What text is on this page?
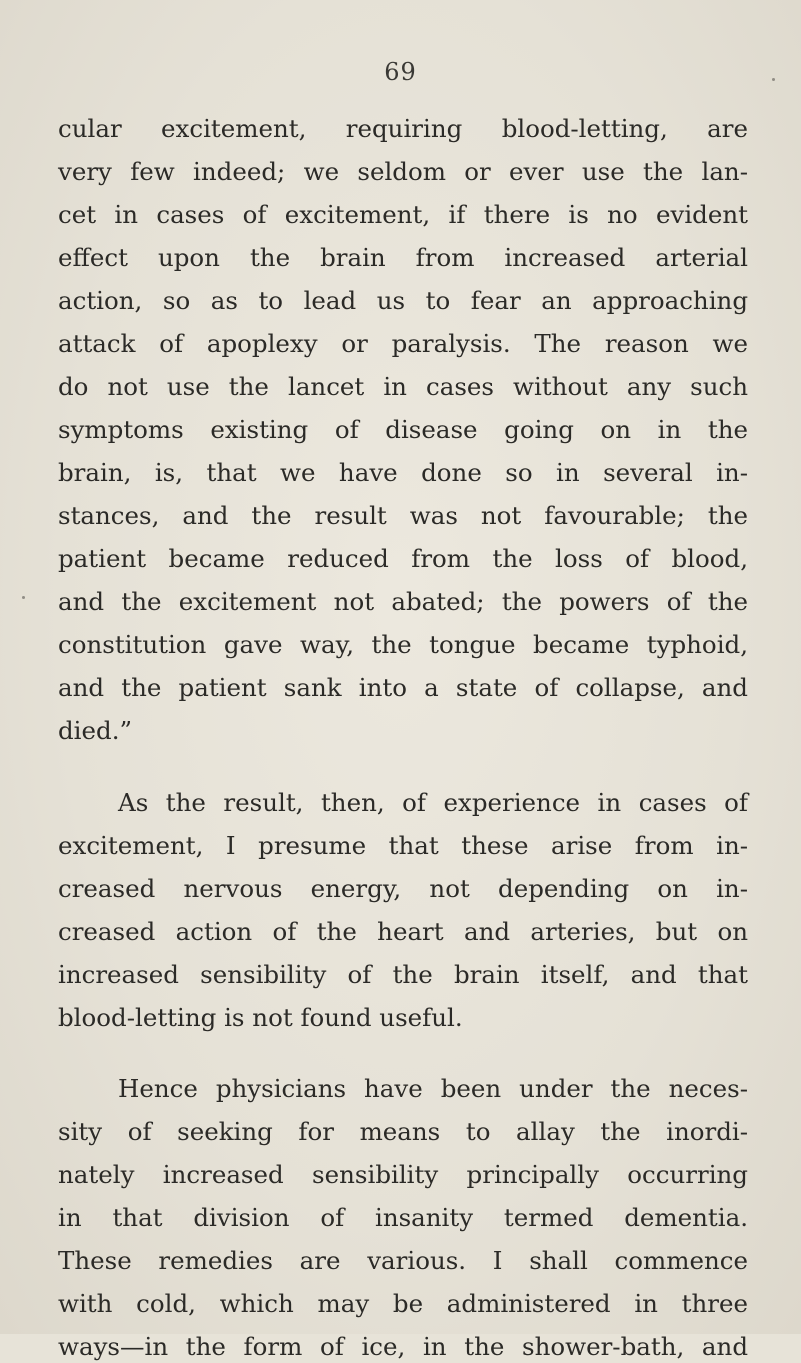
69
cular excitement, requiring blood-letting, are
very few indeed; we seldom or ever use the lan-
cet in cases of excitement, if there is no evident
effect upon the brain from increased arterial
action, so as to lead us to fear an approaching
attack of apoplexy or paralysis. The reason we
do not use the lancet in cases without any such
symptoms existing of disease going on in the
brain, is, that we have done so in several in-
stances, and the result was not favourable; the
patient became reduced from the loss of blood,
and the excitement not abated; the powers of the
constitution gave way, the tongue became typhoid,
and the patient sank into a state of collapse, and
died.”
As the result, then, of experience in cases of
excitement, I presume that these arise from in-
creased nervous energy, not depending on in-
creased action of the heart and arteries, but on
increased sensibility of the brain itself, and that
blood-letting is not found useful.
Hence physicians have been under the neces-
sity of seeking for means to allay the inordi-
nately increased sensibility principally occurring
in that division of insanity termed dementia.
These remedies are various. I shall commence
with cold, which may be administered in three
ways—in the form of ice, in the shower-bath, and
